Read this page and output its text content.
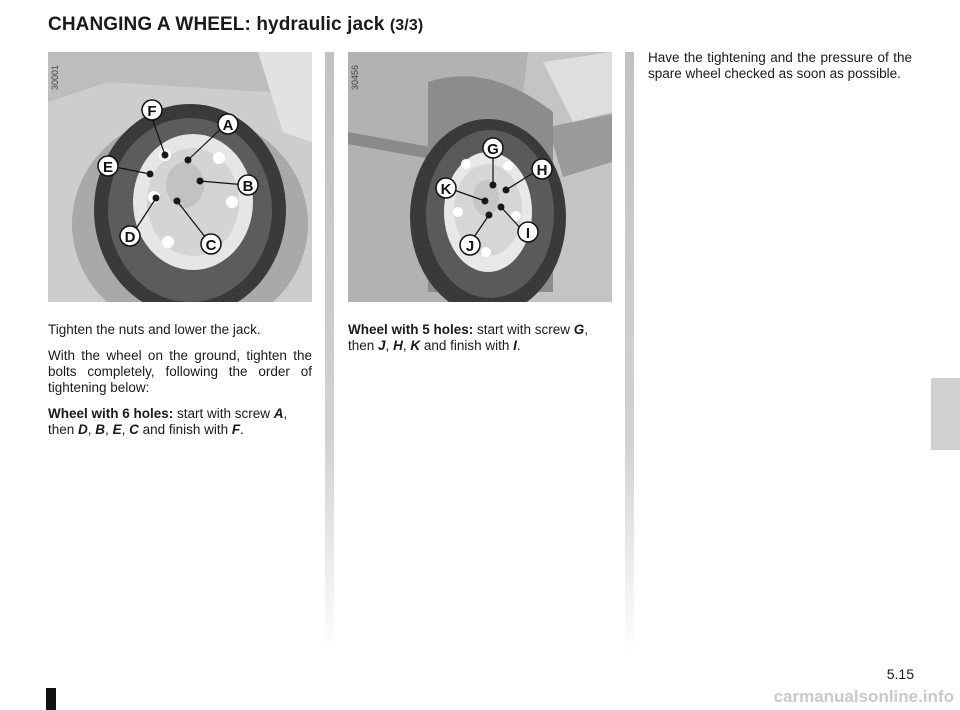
CHANGING A WHEEL: hydraulic jack (3/3)
F
A
E
B
D	C
30001
G
H
K
I
J
30456

Tighten the nuts and lower the jack.

With the wheel on the ground, tighten the bolts completely, following the order of tightening below:

Wheel with 6 holes: start with screw A, then D, B, E, C and finish with F.

Wheel with 5 holes: start with screw G, then J, H, K and finish with I.

Have the tightening and the pressure of the spare wheel checked as soon as possible.

5.15
carmanualsonline.info
